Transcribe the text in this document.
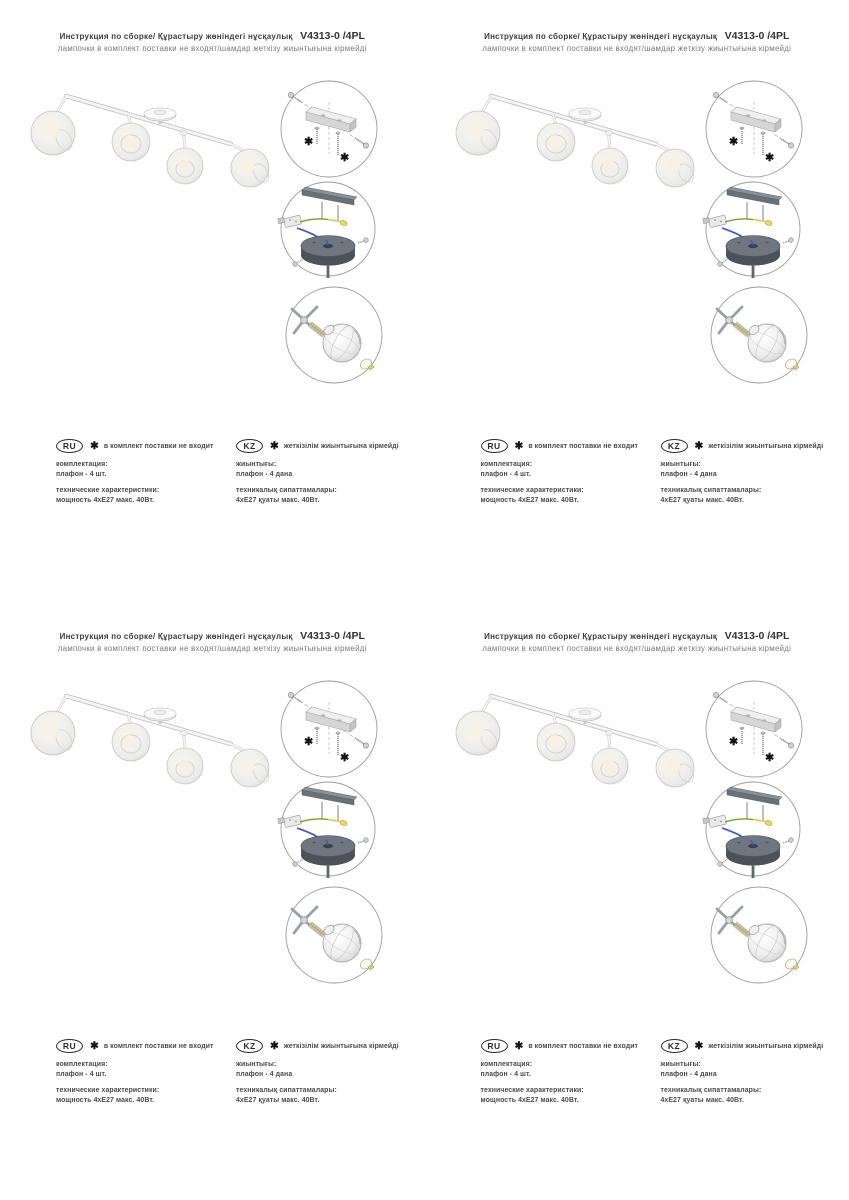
Инструкция по сборке/ Құрастыру жөніндегі нұсқаулық V4313-0 /4PL
лампочки в комплект поставки не входят/шамдар жеткізу жиынтығына кірмейді
✱
✱
RU	✱ в комплект поставки не входит
комплектация:
плафон - 4 шт.
технические характеристики:
мощность 4хЕ27 макс. 40Вт.
KZ	✱ жеткізілім жиынтығына кірмейді
жиынтығы:
плафон - 4 дана
техникалық сипаттамалары:
4хЕ27 қуаты макс. 40Вт.
Инструкция по сборке/ Құрастыру жөніндегі нұсқаулық V4313-0 /4PL
лампочки в комплект поставки не входят/шамдар жеткізу жиынтығына кірмейді
✱
✱
RU	✱ в комплект поставки не входит
комплектация:
плафон - 4 шт.
технические характеристики:
мощность 4хЕ27 макс. 40Вт.
KZ	✱ жеткізілім жиынтығына кірмейді
жиынтығы:
плафон - 4 дана
техникалық сипаттамалары:
4хЕ27 қуаты макс. 40Вт.
Инструкция по сборке/ Құрастыру жөніндегі нұсқаулық V4313-0 /4PL
лампочки в комплект поставки не входят/шамдар жеткізу жиынтығына кірмейді
✱
✱
RU	✱ в комплект поставки не входит
комплектация:
плафон - 4 шт.
технические характеристики:
мощность 4хЕ27 макс. 40Вт.
KZ	✱ жеткізілім жиынтығына кірмейді
жиынтығы:
плафон - 4 дана
техникалық сипаттамалары:
4хЕ27 қуаты макс. 40Вт.
Инструкция по сборке/ Құрастыру жөніндегі нұсқаулық V4313-0 /4PL
лампочки в комплект поставки не входят/шамдар жеткізу жиынтығына кірмейді
✱
✱
RU	✱ в комплект поставки не входит
комплектация:
плафон - 4 шт.
технические характеристики:
мощность 4хЕ27 макс. 40Вт.
KZ	✱ жеткізілім жиынтығына кірмейді
жиынтығы:
плафон - 4 дана
техникалық сипаттамалары:
4хЕ27 қуаты макс. 40Вт.
